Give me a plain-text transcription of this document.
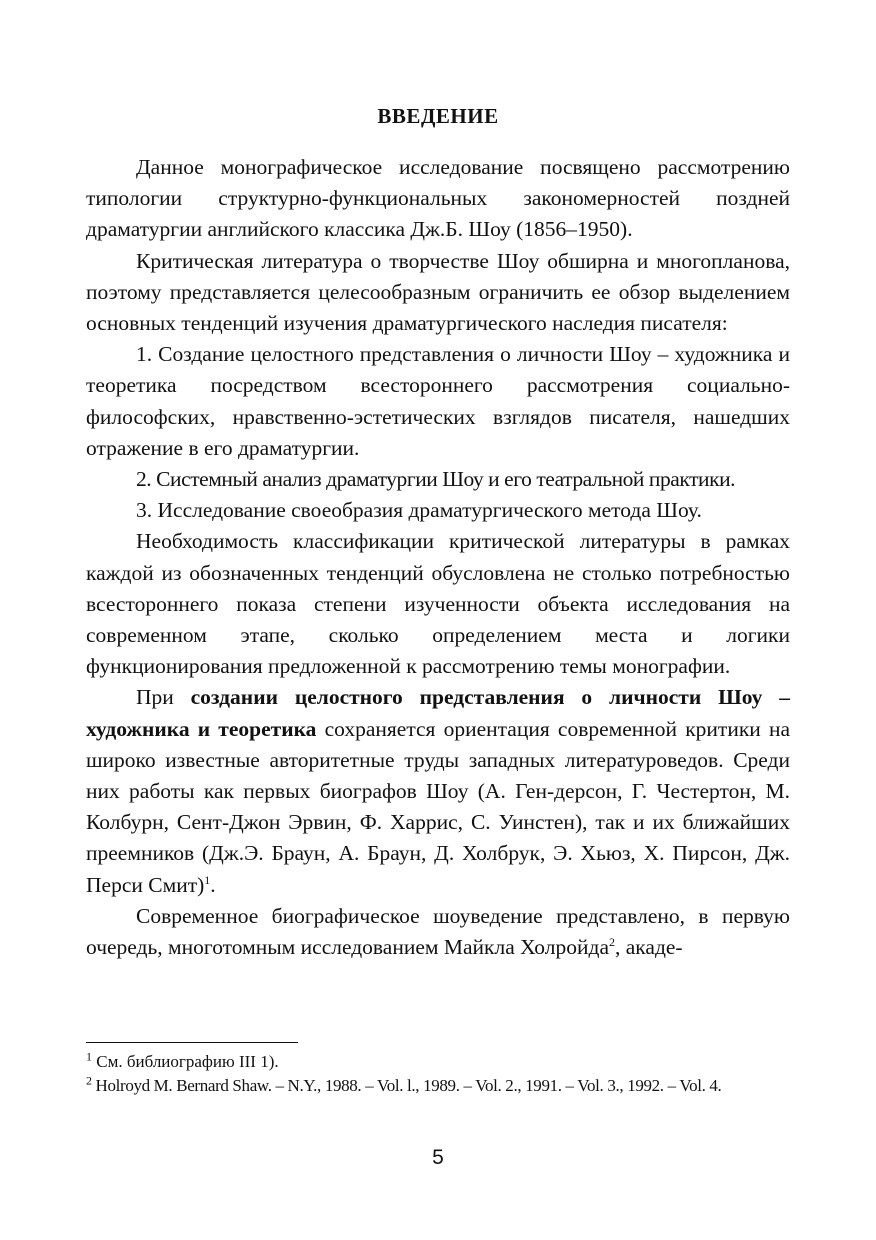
ВВЕДЕНИЕ

Данное монографическое исследование посвящено рассмотрению типологии структурно-функциональных закономерностей поздней драматургии английского классика Дж.Б. Шоу (1856–1950).

Критическая литература о творчестве Шоу обширна и многопланова, поэтому представляется целесообразным ограничить ее обзор выделением основных тенденций изучения драматургического наследия писателя:

1. Создание целостного представления о личности Шоу – художника и теоретика посредством всестороннего рассмотрения социально-философских, нравственно-эстетических взглядов писателя, нашедших отражение в его драматургии.

2. Системный анализ драматургии Шоу и его театральной практики.

3. Исследование своеобразия драматургического метода Шоу.

Необходимость классификации критической литературы в рамках каждой из обозначенных тенденций обусловлена не столько потребностью всестороннего показа степени изученности объекта исследования на современном этапе, сколько определением места и логики функционирования предложенной к рассмотрению темы монографии.

При создании целостного представления о личности Шоу – художника и теоретика сохраняется ориентация современной критики на широко известные авторитетные труды западных литературоведов. Среди них работы как первых биографов Шоу (А. Ген-дерсон, Г. Честертон, М. Колбурн, Сент-Джон Эрвин, Ф. Харрис, С. Уинстен), так и их ближайших преемников (Дж.Э. Браун, А. Браун, Д. Холбрук, Э. Хьюз, Х. Пирсон, Дж. Перси Смит)$^1$.

Современное биографическое шоуведение представлено, в первую очередь, многотомным исследованием Майкла Холройда$^2$, акаде-

$^1$ См. библиографию III 1).

$^2$ Holroyd M. Bernard Shaw. – N.Y., 1988. – Vol. l., 1989. – Vol. 2., 1991. – Vol. 3., 1992. – Vol. 4.

5
